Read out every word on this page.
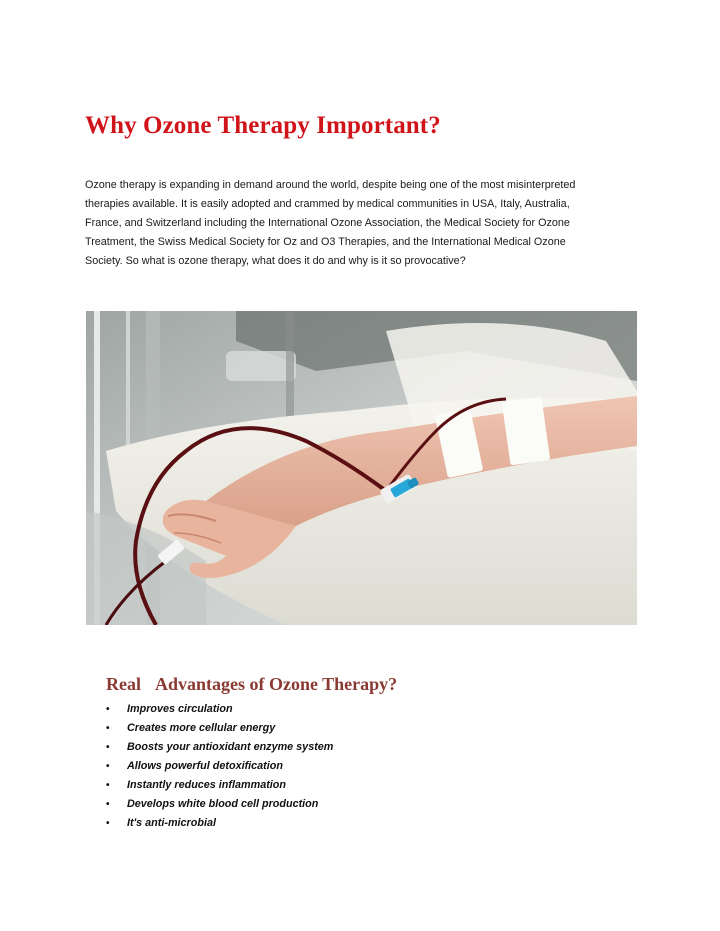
Why Ozone Therapy Important?
Ozone therapy is expanding in demand around the world, despite being one of the most misinterpreted
therapies available. It is easily adopted and crammed by medical communities in USA, Italy, Australia,
France, and Switzerland including the International Ozone Association, the Medical Society for Ozone
Treatment, the Swiss Medical Society for Oz and O3 Therapies, and the International Medical Ozone
Society. So what is ozone therapy, what does it do and why is it so provocative?
Real Advantages of Ozone Therapy?
• Improves circulation
• Creates more cellular energy
• Boosts your antioxidant enzyme system
• Allows powerful detoxification
• Instantly reduces inflammation
• Develops white blood cell production
• It's anti-microbial
